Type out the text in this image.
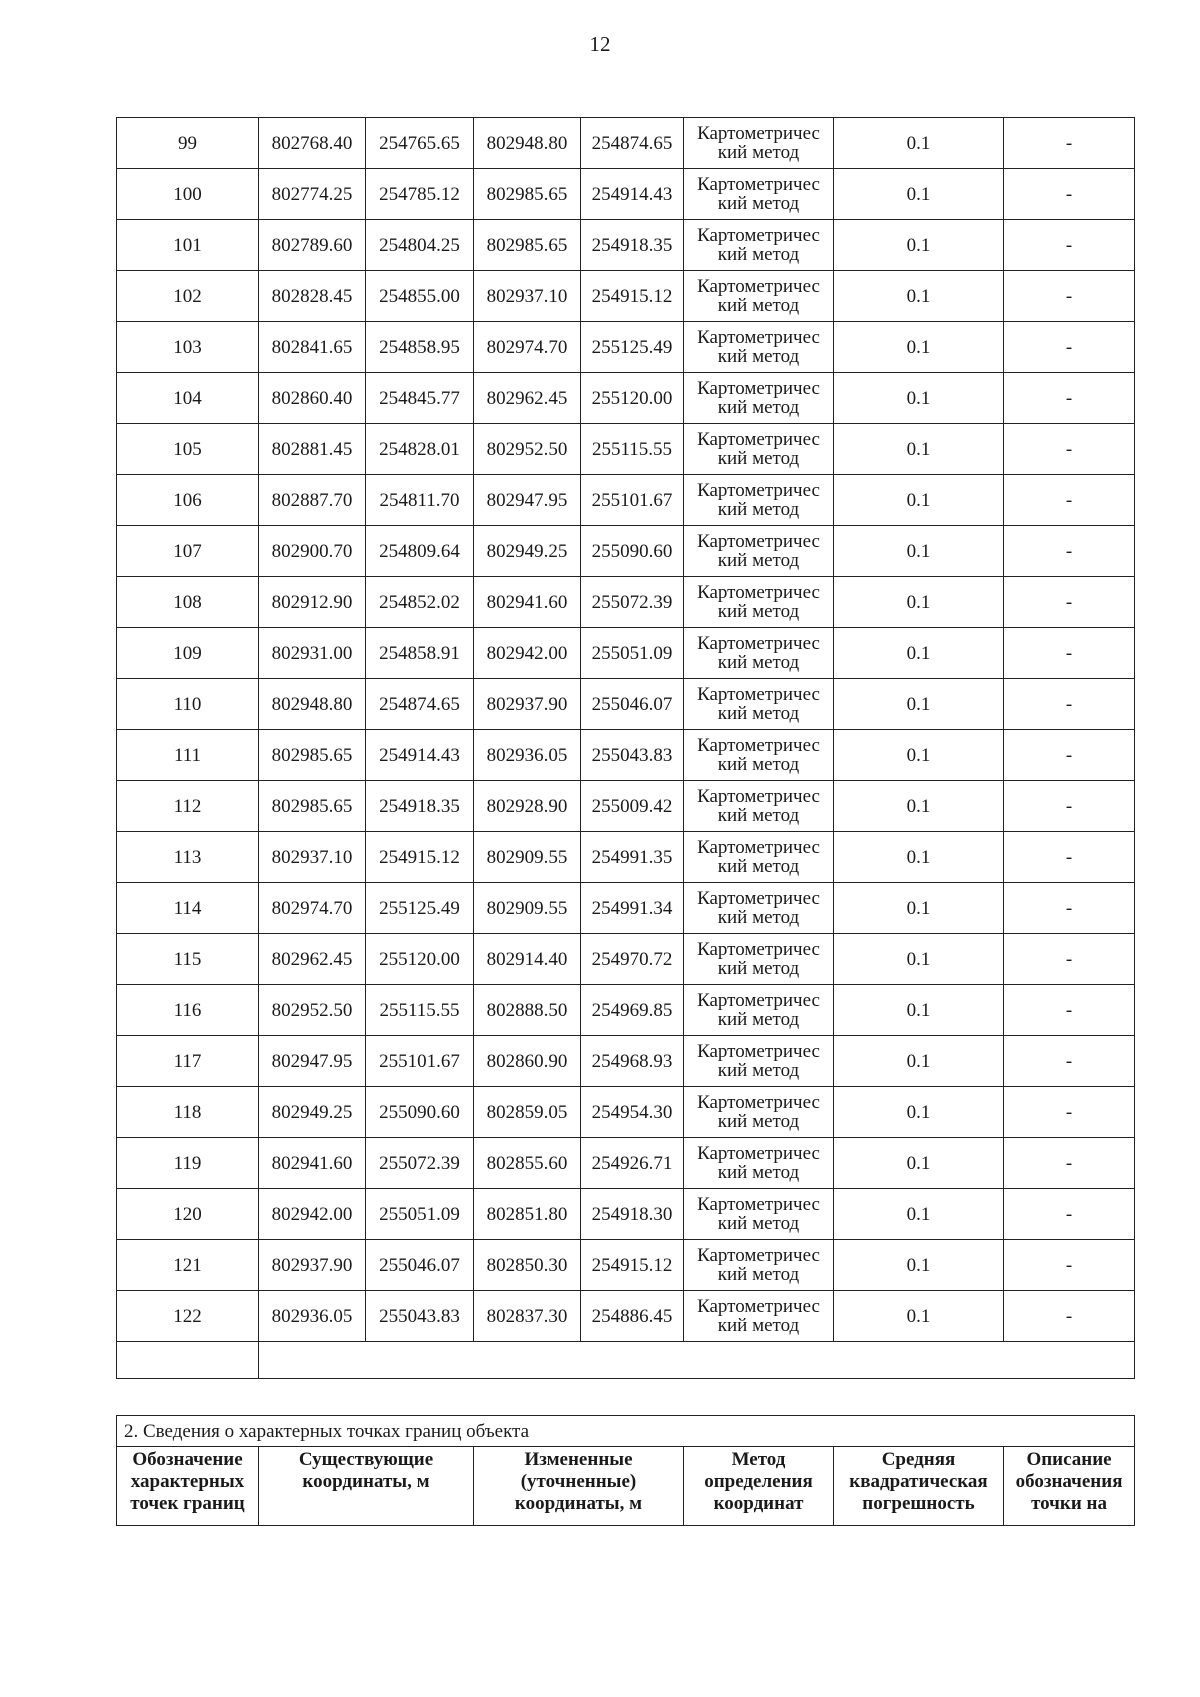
12
99	802768.40	254765.65	802948.80	254874.65	Картометричес
кий метод	0.1	-
100	802774.25	254785.12	802985.65	254914.43	Картометричес
кий метод	0.1	-
101	802789.60	254804.25	802985.65	254918.35	Картометричес
кий метод	0.1	-
102	802828.45	254855.00	802937.10	254915.12	Картометричес
кий метод	0.1	-
103	802841.65	254858.95	802974.70	255125.49	Картометричес
кий метод	0.1	-
104	802860.40	254845.77	802962.45	255120.00	Картометричес
кий метод	0.1	-
105	802881.45	254828.01	802952.50	255115.55	Картометричес
кий метод	0.1	-
106	802887.70	254811.70	802947.95	255101.67	Картометричес
кий метод	0.1	-
107	802900.70	254809.64	802949.25	255090.60	Картометричес
кий метод	0.1	-
108	802912.90	254852.02	802941.60	255072.39	Картометричес
кий метод	0.1	-
109	802931.00	254858.91	802942.00	255051.09	Картометричес
кий метод	0.1	-
110	802948.80	254874.65	802937.90	255046.07	Картометричес
кий метод	0.1	-
111	802985.65	254914.43	802936.05	255043.83	Картометричес
кий метод	0.1	-
112	802985.65	254918.35	802928.90	255009.42	Картометричес
кий метод	0.1	-
113	802937.10	254915.12	802909.55	254991.35	Картометричес
кий метод	0.1	-
114	802974.70	255125.49	802909.55	254991.34	Картометричес
кий метод	0.1	-
115	802962.45	255120.00	802914.40	254970.72	Картометричес
кий метод	0.1	-
116	802952.50	255115.55	802888.50	254969.85	Картометричес
кий метод	0.1	-
117	802947.95	255101.67	802860.90	254968.93	Картометричес
кий метод	0.1	-
118	802949.25	255090.60	802859.05	254954.30	Картометричес
кий метод	0.1	-
119	802941.60	255072.39	802855.60	254926.71	Картометричес
кий метод	0.1	-
120	802942.00	255051.09	802851.80	254918.30	Картометричес
кий метод	0.1	-
121	802937.90	255046.07	802850.30	254915.12	Картометричес
кий метод	0.1	-
122	802936.05	255043.83	802837.30	254886.45	Картометричес
кий метод	0.1	-

2. Сведения о характерных точках границ объекта

Обозначение
характерных
точек границ

Существующие
координаты, м

Измененные
(уточненные)
координаты, м

Метод
определения
координат

Средняя
квадратическая
погрешность

Описание
обозначения
точки на
